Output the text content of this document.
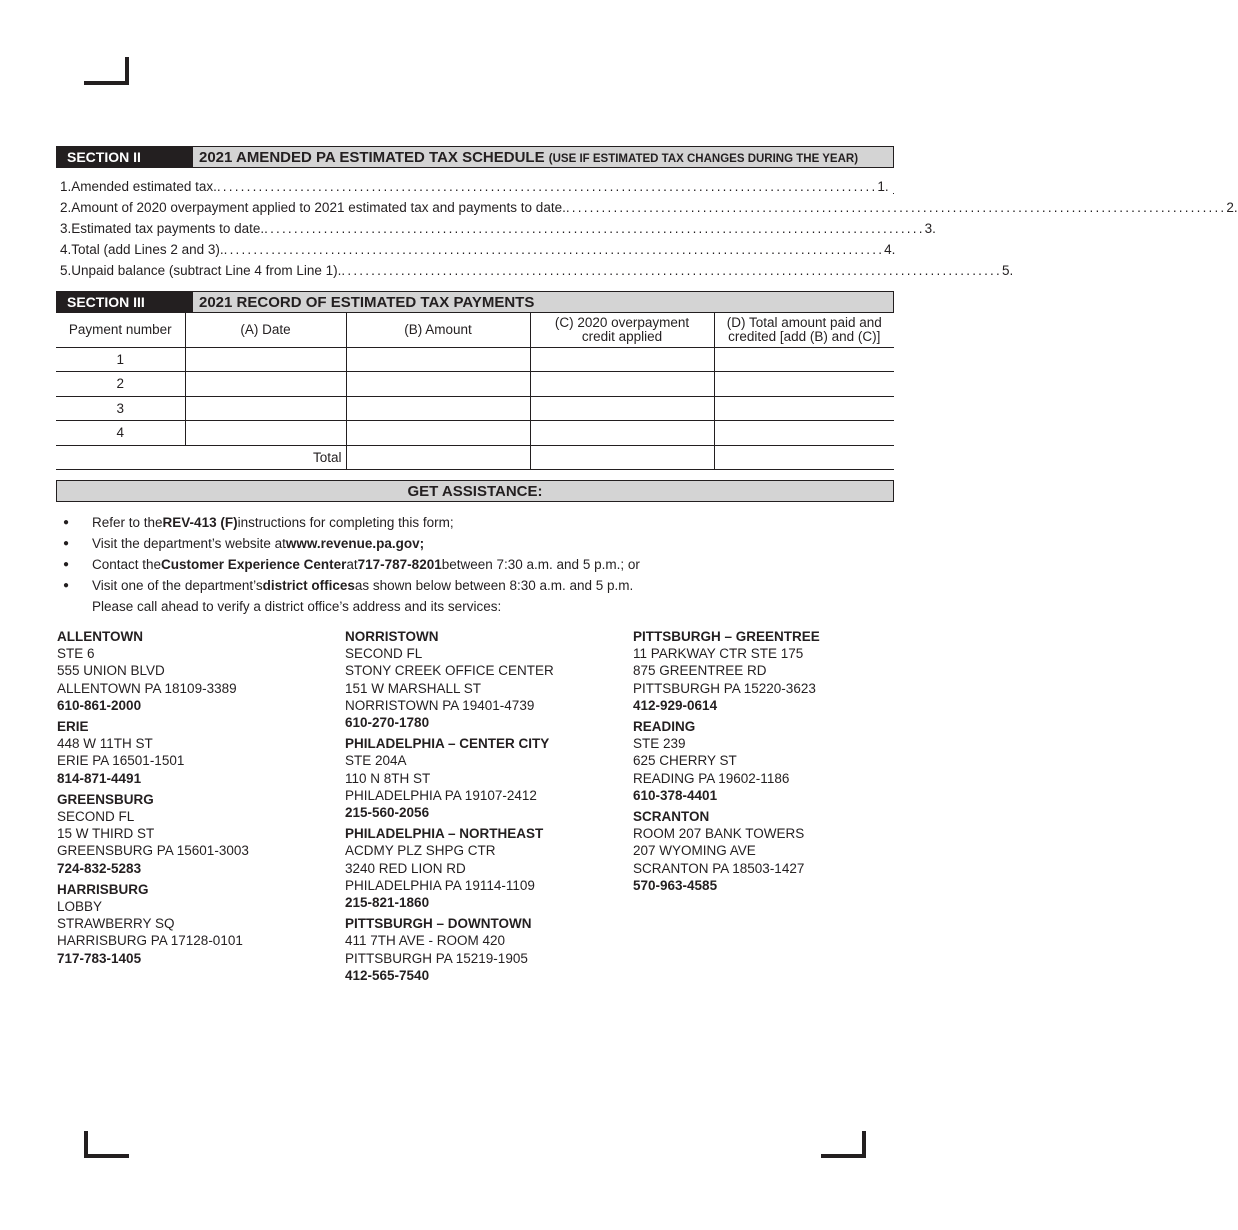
SECTION II	2021 AMENDED PA ESTIMATED TAX SCHEDULE (USE IF ESTIMATED TAX CHANGES DURING THE YEAR)
1. Amended estimated tax. ............................................................................................................... 1.
2. Amount of 2020 overpayment applied to 2021 estimated tax and payments to date. ............................................................................................................... 2.
3. Estimated tax payments to date. ............................................................................................................... 3.
4. Total (add Lines 2 and 3). ............................................................................................................... 4.
5. Unpaid balance (subtract Line 4 from Line 1). ............................................................................................................... 5.
SECTION III	2021 RECORD OF ESTIMATED TAX PAYMENTS
Payment number	(A) Date	(B) Amount	(C) 2020 overpayment credit applied	(D) Total amount paid and credited [add (B) and (C)]
1				
2				
3				
4				
Total				
GET ASSISTANCE:
●	Refer to the REV-413 (F) instructions for completing this form;
●	Visit the department’s website at www.revenue.pa.gov;
●	Contact the Customer Experience Center at 717-787-8201 between 7:30 a.m. and 5 p.m.; or
●	Visit one of the department’s district offices as shown below between 8:30 a.m. and 5 p.m.
Please call ahead to verify a district office’s address and its services:
ALLENTOWN
STE 6
555 UNION BLVD
ALLENTOWN PA 18109-3389
610-861-2000
ERIE
448 W 11TH ST
ERIE PA 16501-1501
814-871-4491
GREENSBURG
SECOND FL
15 W THIRD ST
GREENSBURG PA 15601-3003
724-832-5283
HARRISBURG
LOBBY
STRAWBERRY SQ
HARRISBURG PA 17128-0101
717-783-1405
NORRISTOWN
SECOND FL
STONY CREEK OFFICE CENTER
151 W MARSHALL ST
NORRISTOWN PA 19401-4739
610-270-1780
PHILADELPHIA – CENTER CITY
STE 204A
110 N 8TH ST
PHILADELPHIA PA 19107-2412
215-560-2056
PHILADELPHIA – NORTHEAST
ACDMY PLZ SHPG CTR
3240 RED LION RD
PHILADELPHIA PA 19114-1109
215-821-1860
PITTSBURGH – DOWNTOWN
411 7TH AVE - ROOM 420
PITTSBURGH PA 15219-1905
412-565-7540
PITTSBURGH – GREENTREE
11 PARKWAY CTR STE 175
875 GREENTREE RD
PITTSBURGH PA 15220-3623
412-929-0614
READING
STE 239
625 CHERRY ST
READING PA 19602-1186
610-378-4401
SCRANTON
ROOM 207 BANK TOWERS
207 WYOMING AVE
SCRANTON PA 18503-1427
570-963-4585
